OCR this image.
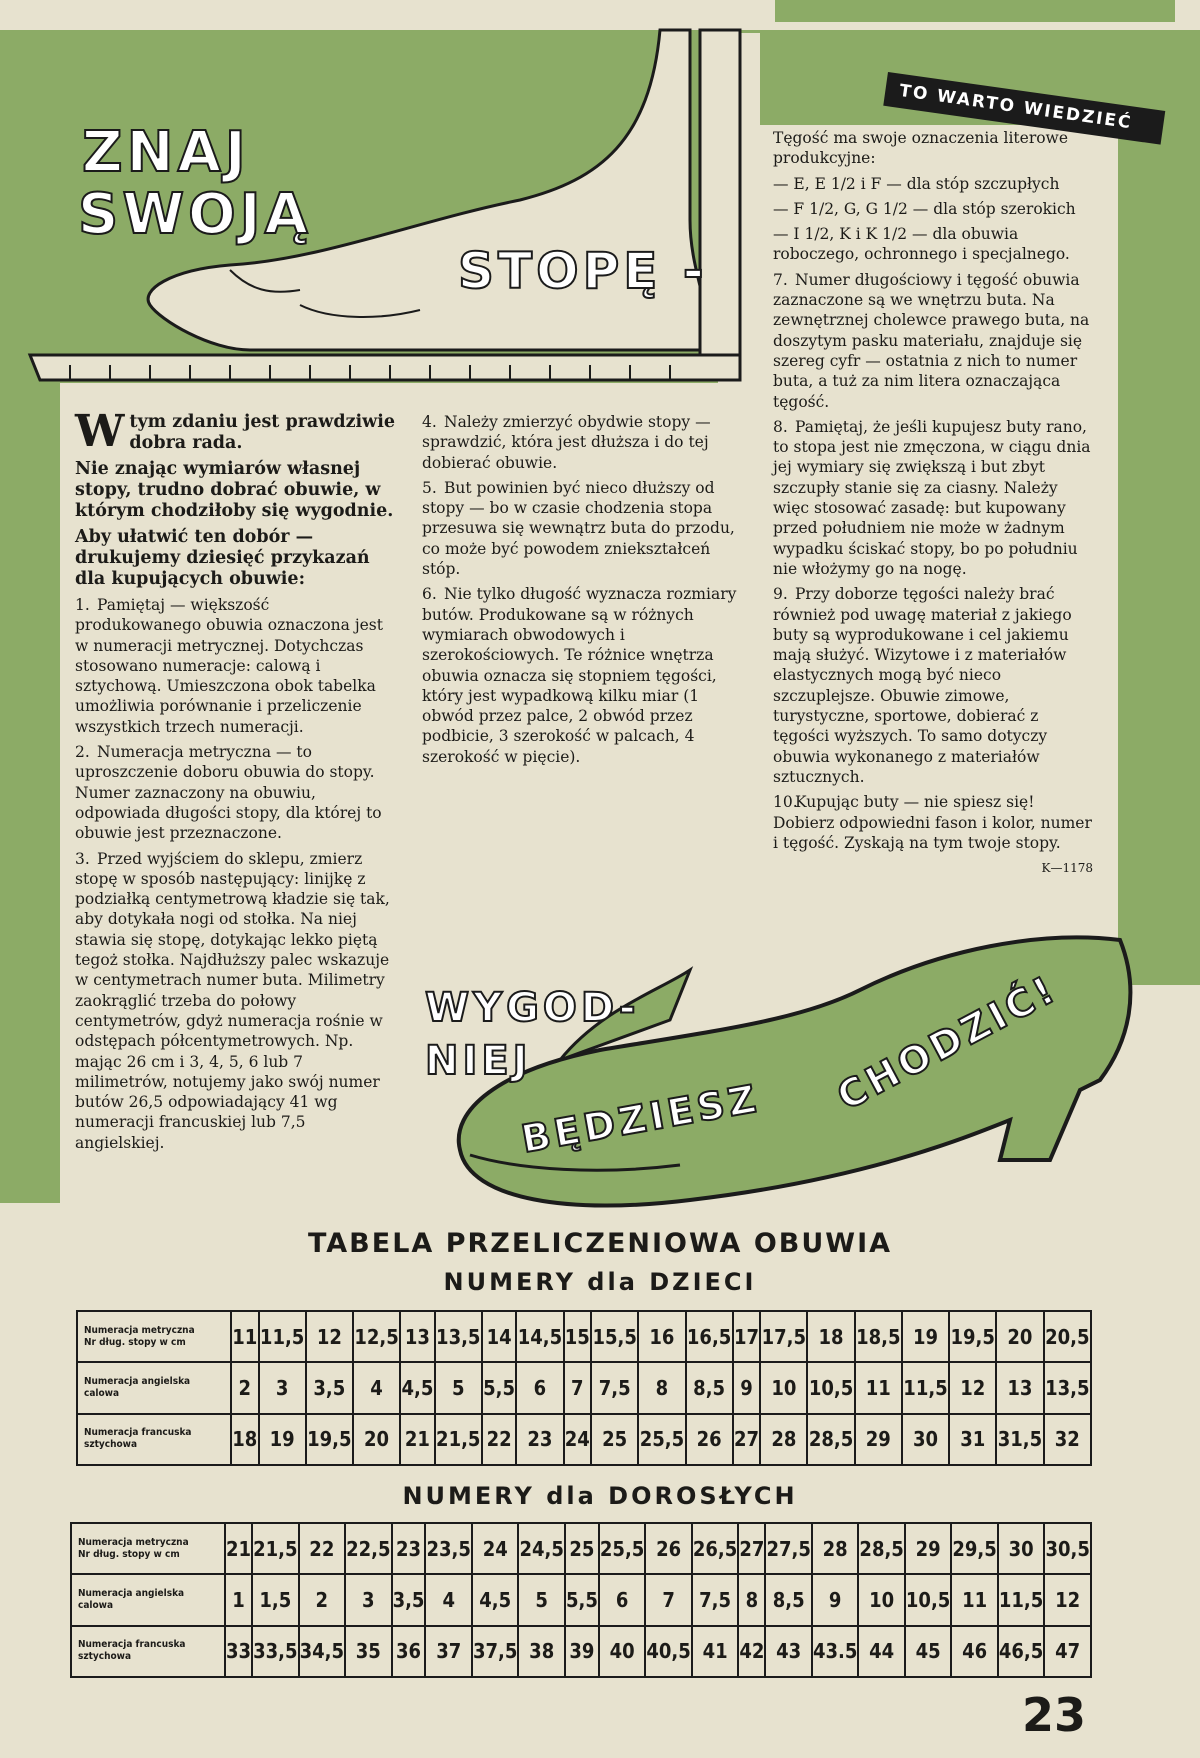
ZNAJ
SWOJĄ
STOPĘ -
TO WARTO WIEDZIEĆ

W tym zdaniu jest prawdziwie dobra rada.

Nie znając wymiarów własnej stopy, trudno dobrać obuwie, w którym chodziłoby się wygodnie.

Aby ułatwić ten dobór — drukujemy dziesięć przykazań dla kupujących obuwie:

1. Pamiętaj — większość produkowanego obuwia oznaczona jest w numeracji metrycznej. Dotychczas stosowano numeracje: calową i sztychową. Umieszczona obok tabelka umożliwia porównanie i przeliczenie wszystkich trzech numeracji.

2. Numeracja metryczna — to uproszczenie doboru obuwia do stopy. Numer zaznaczony na obuwiu, odpowiada długości stopy, dla której to obuwie jest przeznaczone.

3. Przed wyjściem do sklepu, zmierz stopę w sposób następujący: linijkę z podziałką centymetrową kładzie się tak, aby dotykała nogi od stołka. Na niej stawia się stopę, dotykając lekko piętą tegoż stołka. Najdłuższy palec wskazuje w centymetrach numer buta. Milimetry zaokrąglić trzeba do połowy centymetrów, gdyż numeracja rośnie w odstępach półcentymetrowych. Np. mając 26 cm i 3, 4, 5, 6 lub 7 milimetrów, notujemy jako swój numer butów 26,5 odpowiadający 41 wg numeracji francuskiej lub 7,5 angielskiej.

4. Należy zmierzyć obydwie stopy — sprawdzić, która jest dłuższa i do tej dobierać obuwie.

5. But powinien być nieco dłuższy od stopy — bo w czasie chodzenia stopa przesuwa się wewnątrz buta do przodu, co może być powodem zniekształceń stóp.

6. Nie tylko długość wyznacza rozmiary butów. Produkowane są w różnych wymiarach obwodowych i szerokościowych. Te różnice wnętrza obuwia oznacza się stopniem tęgości, który jest wypadkową kilku miar (1 obwód przez palce, 2 obwód przez podbicie, 3 szerokość w palcach, 4 szerokość w pięcie).

Tęgość ma swoje oznaczenia literowe produkcyjne:

— E, E 1/2 i F — dla stóp szczupłych

— F 1/2, G, G 1/2 — dla stóp szerokich

— I 1/2, K i K 1/2 — dla obuwia roboczego, ochronnego i specjalnego.

7. Numer długościowy i tęgość obuwia zaznaczone są we wnętrzu buta. Na zewnętrznej cholewce prawego buta, na doszytym pasku materiału, znajduje się szereg cyfr — ostatnia z nich to numer buta, a tuż za nim litera oznaczająca tęgość.

8. Pamiętaj, że jeśli kupujesz buty rano, to stopa jest nie zmęczona, w ciągu dnia jej wymiary się zwiększą i but zbyt szczupły stanie się za ciasny. Należy więc stosować zasadę: but kupowany przed południem nie może w żadnym wypadku ściskać stopy, bo po południu nie włożymy go na nogę.

9. Przy doborze tęgości należy brać również pod uwagę materiał z jakiego buty są wyprodukowane i cel jakiemu mają służyć. Wizytowe i z materiałów elastycznych mogą być nieco szczuplejsze. Obuwie zimowe, turystyczne, sportowe, dobierać z tęgości wyższych. To samo dotyczy obuwia wykonanego z materiałów sztucznych.

10.Kupując buty — nie spiesz się! Dobierz odpowiedni fason i kolor, numer i tęgość. Zyskają na tym twoje stopy.

K—1178

WYGOD-
NIEJ
BĘDZIESZ CHODZIĆ!
TABELA PRZELICZENIOWA OBUWIA
NUMERY dla DZIECI
Numeracja metryczna
Nr dług. stopy w cm	11	11,5	12	12,5	13	13,5	14	14,5	15	15,5	16	16,5	17	17,5	18	18,5	19	19,5	20	20,5

Numeracja angielska
calowa	2	3	3,5	4	4,5	5	5,5	6	7	7,5	8	8,5	9	10	10,5	11	11,5	12	13	13,5

Numeracja francuska
sztychowa	18	19	19,5	20	21	21,5	22	23	24	25	25,5	26	27	28	28,5	29	30	31	31,5	32
NUMERY dla DOROSŁYCH
Numeracja metryczna
Nr dług. stopy w cm	21	21,5	22	22,5	23	23,5	24	24,5	25	25,5	26	26,5	27	27,5	28	28,5	29	29,5	30	30,5

Numeracja angielska
calowa	1	1,5	2	3	3,5	4	4,5	5	5,5	6	7	7,5	8	8,5	9	10	10,5	11	11,5	12

Numeracja francuska
sztychowa	33	33,5	34,5	35	36	37	37,5	38	39	40	40,5	41	42	43	43.5	44	45	46	46,5	47
23
